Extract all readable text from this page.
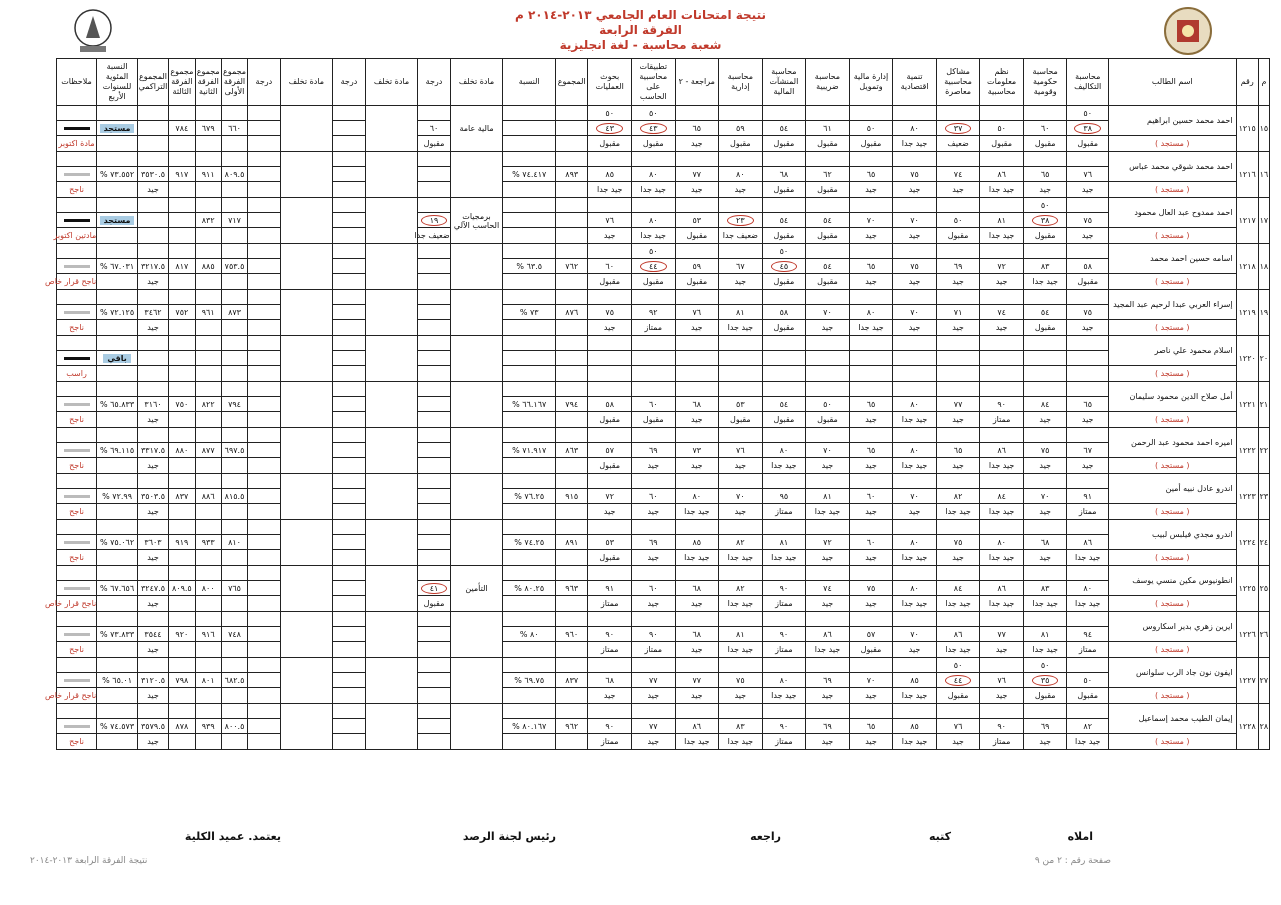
نتيجة امتحانات العام الجامعي ٢٠١٣-٢٠١٤ م
الفرقة الرابعة
شعبة محاسبة - لغة انجليزية
م	رقم	اسم الطالب	محاسبة التكاليف	محاسبة حكومية وقومية	نظم معلومات محاسبية	مشاكل محاسبية معاصرة	تنمية اقتصادية	إدارة مالية وتمويل	محاسبة ضريبية	محاسبة المنشآت المالية	محاسبة إدارية	مراجعة - ٢	تطبيقات محاسبية على الحاسب	بحوث العمليات	المجموع	النسبة	مادة تخلف	درجة	مادة تخلف	درجة	مادة تخلف	درجة	مجموع الفرقة الأولى	مجموع الفرقة الثانية	مجموع الفرقة الثالثة	المجموع التراكمي	النسبة المئوية للسنوات الأربع	ملاحظات
١٥	١٢١٥	احمد محمد حسين ابراهيم	٥٠										٥٠	٥٠			مالية عامة											
			٣٨	٦٠	٥٠	٣٧	٨٠	٥٠	٦١	٥٤	٥٩	٦٥	٤٣	٤٣				٦٠					٦٦٠	٦٧٩	٧٨٤		مستجد	
		( مستجد )	مقبول	مقبول	مقبول	ضعيف	جيد جدا	مقبول	مقبول	مقبول	مقبول	جيد	مقبول	مقبول				مقبول										مادة اكتوبر
١٦	١٢١٦	احمد محمد شوقي محمد عباس																										
			٧٦	٦٥	٨٦	٧٤	٧٥	٦٥	٦٢	٦٨	٨٠	٧٧	٨٠	٨٥	٨٩٣	٧٤.٤١٧ %							٨٠٩.٥	٩١١	٩١٧	٣٥٣٠.٥	٧٣.٥٥٢ %	
		( مستجد )	جيد	جيد	جيد جدا	جيد	جيد	جيد	مقبول	مقبول	جيد	جيد	جيد جدا	جيد جدا												جيد		ناجح
١٧	١٢١٧	احمد ممدوح عبد العال محمود		٥٠													برمجيات الحاسب الآلي											
			٧٥	٣٨	٨١	٥٠	٧٠	٧٠	٥٤	٥٤	٢٣	٥٣	٨٠	٧٦				١٩					٧١٧	٨٣٢			مستجد	
		( مستجد )	جيد	مقبول	جيد جدا	مقبول	جيد	جيد	مقبول	مقبول	ضعيف جدا	مقبول	جيد جدا	جيد				ضعيف جدا										مادتين اكتوبر
١٨	١٢١٨	اسامه حسين احمد محمد								٥٠			٥٠															
			٥٨	٨٣	٧٢	٦٩	٧٥	٦٥	٥٤	٤٥	٦٧	٥٩	٤٤	٦٠	٧٦٢	٦٣.٥ %							٧٥٣.٥	٨٨٥	٨١٧	٣٢١٧.٥	٦٧.٠٣١ %	
		( مستجد )	مقبول	جيد جدا	جيد	جيد	جيد	جيد	مقبول	مقبول	جيد	مقبول	مقبول	مقبول												جيد		ناجح قرار خاص
١٩	١٢١٩	إسراء العربي عبدا لرحيم عبد المجيد																										
			٧٥	٥٤	٧٤	٧١	٧٠	٨٠	٧٠	٥٨	٨١	٧٦	٩٢	٧٥	٨٧٦	٧٣ %							٨٧٣	٩٦١	٧٥٢	٣٤٦٢	٧٢.١٢٥ %	
		( مستجد )	جيد	مقبول	جيد	جيد	جيد	جيد جدا	جيد	مقبول	جيد جدا	جيد	ممتاز	جيد												جيد		ناجح
٢٠	١٢٢٠	اسلام محمود علي ناصر																										
																											باقي	
		( مستجد )																										راسب
٢١	١٢٢١	أمل صلاح الدين محمود سليمان																										
			٦٥	٨٤	٩٠	٧٧	٨٠	٦٥	٥٠	٥٤	٥٣	٦٨	٦٠	٥٨	٧٩٤	٦٦.١٦٧ %							٧٩٤	٨٢٢	٧٥٠	٣١٦٠	٦٥.٨٣٣ %	
		( مستجد )	جيد	جيد	ممتاز	جيد	جيد جدا	جيد	مقبول	مقبول	مقبول	جيد	مقبول	مقبول												جيد		ناجح
٢٢	١٢٢٢	اميره احمد محمود عبد الرحمن																										
			٦٧	٧٥	٨٦	٦٥	٨٠	٦٥	٧٠	٨٠	٧٦	٧٣	٦٩	٥٧	٨٦٣	٧١.٩١٧ %							٦٩٧.٥	٨٧٧	٨٨٠	٣٣١٧.٥	٦٩.١١٥ %	
		( مستجد )	جيد	جيد	جيد جدا	جيد	جيد جدا	جيد	جيد	جيد جدا	جيد	جيد	جيد	مقبول												جيد		ناجح
٢٣	١٢٢٣	اندرو عادل نبيه أمين																										
			٩١	٧٠	٨٤	٨٢	٧٠	٦٠	٨١	٩٥	٧٠	٨٠	٦٠	٧٢	٩١٥	٧٦.٢٥ %							٨١٥.٥	٨٨٦	٨٣٧	٣٥٠٣.٥	٧٢.٩٩ %	
		( مستجد )	ممتاز	جيد	جيد جدا	جيد جدا	جيد	جيد	جيد جدا	ممتاز	جيد	جيد جدا	جيد	جيد												جيد		ناجح
٢٤	١٢٢٤	اندرو مجدي فيلبس لبيب																										
			٨٦	٦٨	٨٠	٧٥	٨٠	٦٠	٧٢	٨١	٨٢	٨٥	٦٩	٥٣	٨٩١	٧٤.٢٥ %							٨١٠	٩٣٣	٩١٩	٣٦٠٣	٧٥.٠٦٢ %	
		( مستجد )	جيد جدا	جيد	جيد جدا	جيد	جيد جدا	جيد	جيد	جيد جدا	جيد جدا	جيد جدا	جيد	مقبول												جيد		ناجح
٢٥	١٢٢٥	انطونيوس مكين منسي يوسف															التأمين											
			٨٠	٨٣	٨٦	٨٤	٨٠	٧٥	٧٤	٩٠	٨٢	٦٨	٦٠	٩١	٩٦٣	٨٠.٢٥ %		٤١					٧٦٥	٨٠٠	٨٠٩.٥	٣٢٤٧.٥	٦٧.٦٥٦ %	
		( مستجد )	جيد جدا	جيد جدا	جيد جدا	جيد جدا	جيد جدا	جيد	جيد	ممتاز	جيد جدا	جيد	جيد	ممتاز				مقبول								جيد		ناجح قرار خاص
٢٦	١٢٢٦	ايرين زهري بدير اسكاروس																										
			٩٤	٨١	٧٧	٨٦	٧٠	٥٧	٨٦	٩٠	٨١	٦٨	٩٠	٩٠	٩٦٠	٨٠ %							٧٤٨	٩١٦	٩٢٠	٣٥٤٤	٧٣.٨٣٣ %	
		( مستجد )	ممتاز	جيد جدا	جيد	جيد جدا	جيد	مقبول	جيد جدا	ممتاز	جيد جدا	جيد	ممتاز	ممتاز												جيد		ناجح
٢٧	١٢٢٧	ايفون نون جاد الرب سلوانس		٥٠		٥٠																						
			٥٠	٣٥	٧٦	٤٤	٨٥	٧٠	٦٩	٨٠	٧٥	٧٧	٧٧	٦٨	٨٣٧	٦٩.٧٥ %							٦٨٢.٥	٨٠١	٧٩٨	٣١٢٠.٥	٦٥.٠١ %	
		( مستجد )	مقبول	مقبول	جيد	مقبول	جيد جدا	جيد	جيد	جيد جدا	جيد	جيد	جيد	جيد												جيد		ناجح قرار خاص
٢٨	١٢٢٨	إيمان الطيب محمد إسماعيل																										
			٨٢	٦٩	٩٠	٧٦	٨٥	٦٥	٦٩	٩٠	٨٣	٨٦	٧٧	٩٠	٩٦٢	٨٠.١٦٧ %							٨٠٠.٥	٩٣٩	٨٧٨	٣٥٧٩.٥	٧٤.٥٧٣ %	
		( مستجد )	جيد جدا	جيد	ممتاز	جيد	جيد جدا	جيد	جيد	ممتاز	جيد جدا	جيد جدا	جيد	ممتاز												جيد		ناجح
املاه
كتبه
راجعه
رئيس لجنة الرصد
يعتمد. عميد الكلية
صفحة رقم : ٢ من ٩
نتيجة الفرقة الرابعة ٢٠١٣-٢٠١٤
